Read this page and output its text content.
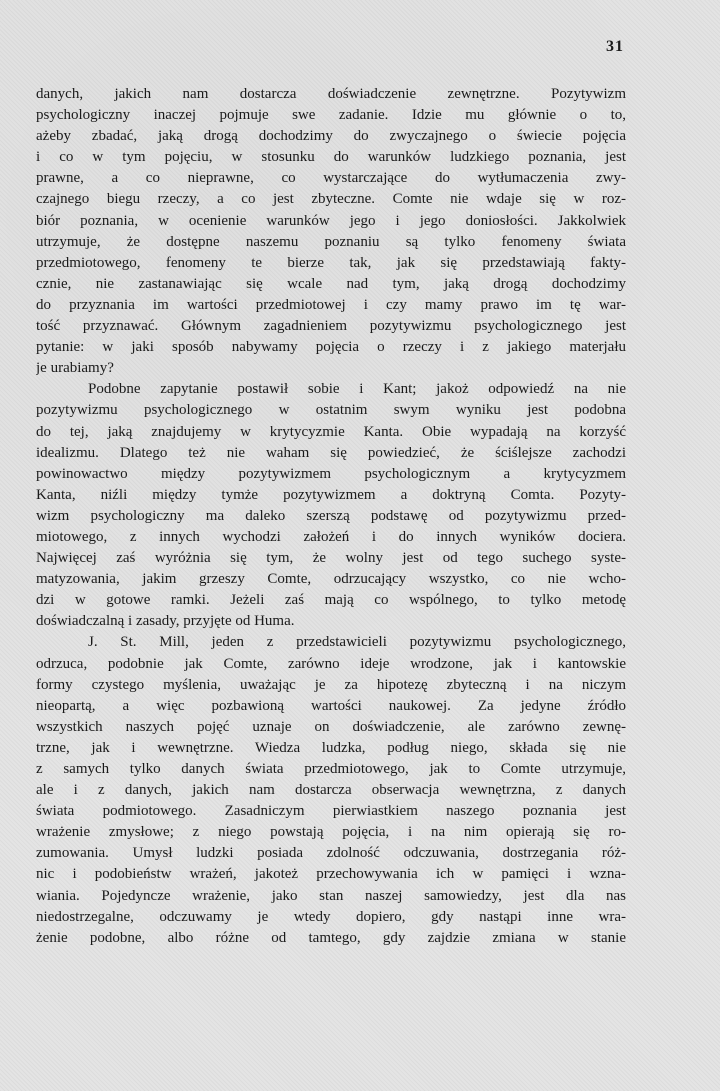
31
danych, jakich nam dostarcza doświadczenie zewnętrzne. Pozytywizm
psychologiczny inaczej pojmuje swe zadanie. Idzie mu głównie o to,
ażeby zbadać, jaką drogą dochodzimy do zwyczajnego o świecie pojęcia
i co w tym pojęciu, w stosunku do warunków ludzkiego poznania, jest
prawne, a co nieprawne, co wystarczające do wytłumaczenia zwy-
czajnego biegu rzeczy, a co jest zbyteczne. Comte nie wdaje się w roz-
biór poznania, w ocenienie warunków jego i jego doniosłości. Jakkolwiek
utrzymuje, że dostępne naszemu poznaniu są tylko fenomeny świata
przedmiotowego, fenomeny te bierze tak, jak się przedstawiają fakty-
cznie, nie zastanawiając się wcale nad tym, jaką drogą dochodzimy
do przyznania im wartości przedmiotowej i czy mamy prawo im tę war-
tość przyznawać. Głównym zagadnieniem pozytywizmu psychologicznego jest
pytanie: w jaki sposób nabywamy pojęcia o rzeczy i z jakiego materjału
je urabiamy?
Podobne zapytanie postawił sobie i Kant; jakoż odpowiedź na nie
pozytywizmu psychologicznego w ostatnim swym wyniku jest podobna
do tej, jaką znajdujemy w krytycyzmie Kanta. Obie wypadają na korzyść
idealizmu. Dlatego też nie waham się powiedzieć, że ściślejsze zachodzi
powinowactwo między pozytywizmem psychologicznym a krytycyzmem
Kanta, niźli między tymże pozytywizmem a doktryną Comta. Pozyty-
wizm psychologiczny ma daleko szerszą podstawę od pozytywizmu przed-
miotowego, z innych wychodzi założeń i do innych wyników dociera.
Najwięcej zaś wyróżnia się tym, że wolny jest od tego suchego syste-
matyzowania, jakim grzeszy Comte, odrzucający wszystko, co nie wcho-
dzi w gotowe ramki. Jeżeli zaś mają co wspólnego, to tylko metodę
doświadczalną i zasady, przyjęte od Huma.
J. St. Mill, jeden z przedstawicieli pozytywizmu psychologicznego,
odrzuca, podobnie jak Comte, zarówno ideje wrodzone, jak i kantowskie
formy czystego myślenia, uważając je za hipotezę zbyteczną i na niczym
nieopartą, a więc pozbawioną wartości naukowej. Za jedyne źródło
wszystkich naszych pojęć uznaje on doświadczenie, ale zarówno zewnę-
trzne, jak i wewnętrzne. Wiedza ludzka, podług niego, składa się nie
z samych tylko danych świata przedmiotowego, jak to Comte utrzymuje,
ale i z danych, jakich nam dostarcza obserwacja wewnętrzna, z danych
świata podmiotowego. Zasadniczym pierwiastkiem naszego poznania jest
wrażenie zmysłowe; z niego powstają pojęcia, i na nim opierają się ro-
zumowania. Umysł ludzki posiada zdolność odczuwania, dostrzegania róż-
nic i podobieństw wrażeń, jakoteż przechowywania ich w pamięci i wzna-
wiania. Pojedyncze wrażenie, jako stan naszej samowiedzy, jest dla nas
niedostrzegalne, odczuwamy je wtedy dopiero, gdy nastąpi inne wra-
żenie podobne, albo różne od tamtego, gdy zajdzie zmiana w stanie
